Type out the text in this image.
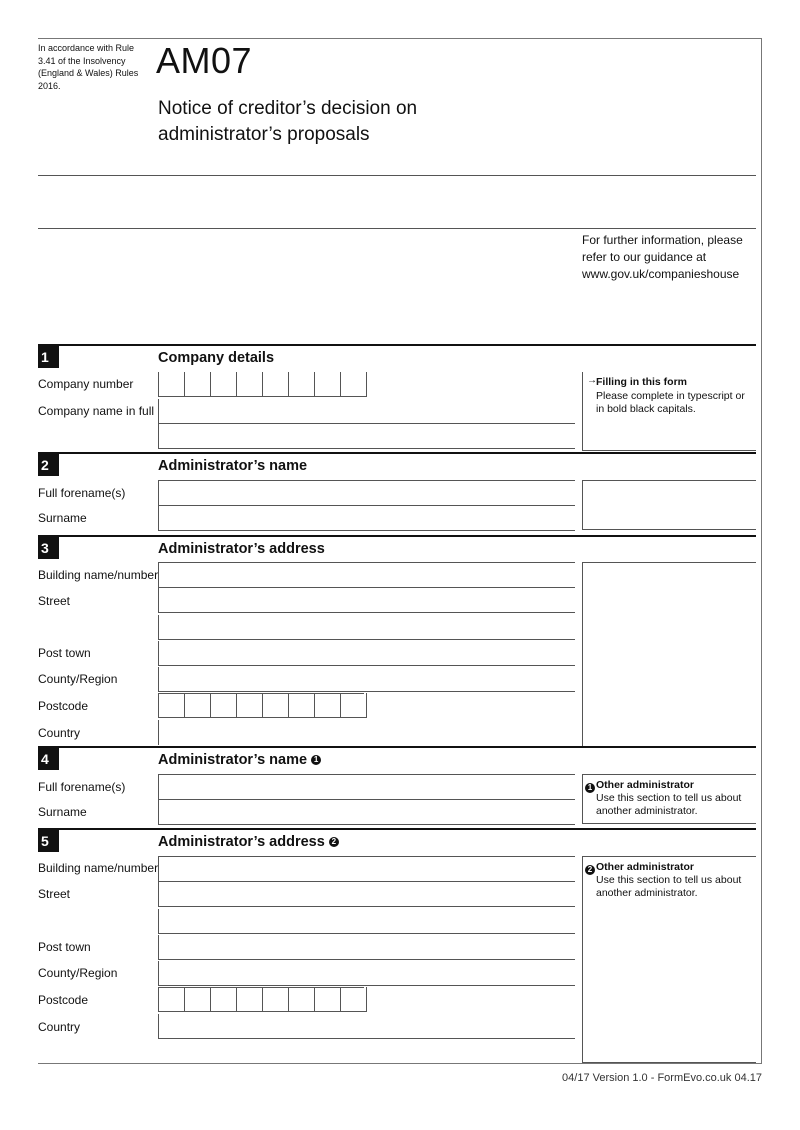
In accordance with Rule 3.41 of the Insolvency (England & Wales) Rules 2016.
AM07
Notice of creditor’s decision on administrator’s proposals
For further information, please refer to our guidance at www.gov.uk/companieshouse
1	Company details
Company number
Company name in full
→ Filling in this form
Please complete in typescript or in bold black capitals.
2	Administrator’s name
Full forename(s)
Surname
3	Administrator’s address
Building name/number
Street
Post town
County/Region
Postcode
Country
4	Administrator’s name 1
Full forename(s)
Surname
1 Other administrator
Use this section to tell us about another administrator.
5	Administrator’s address 2
Building name/number
Street
Post town
County/Region
Postcode
Country
2 Other administrator
Use this section to tell us about another administrator.
04/17 Version 1.0 - FormEvo.co.uk 04.17
